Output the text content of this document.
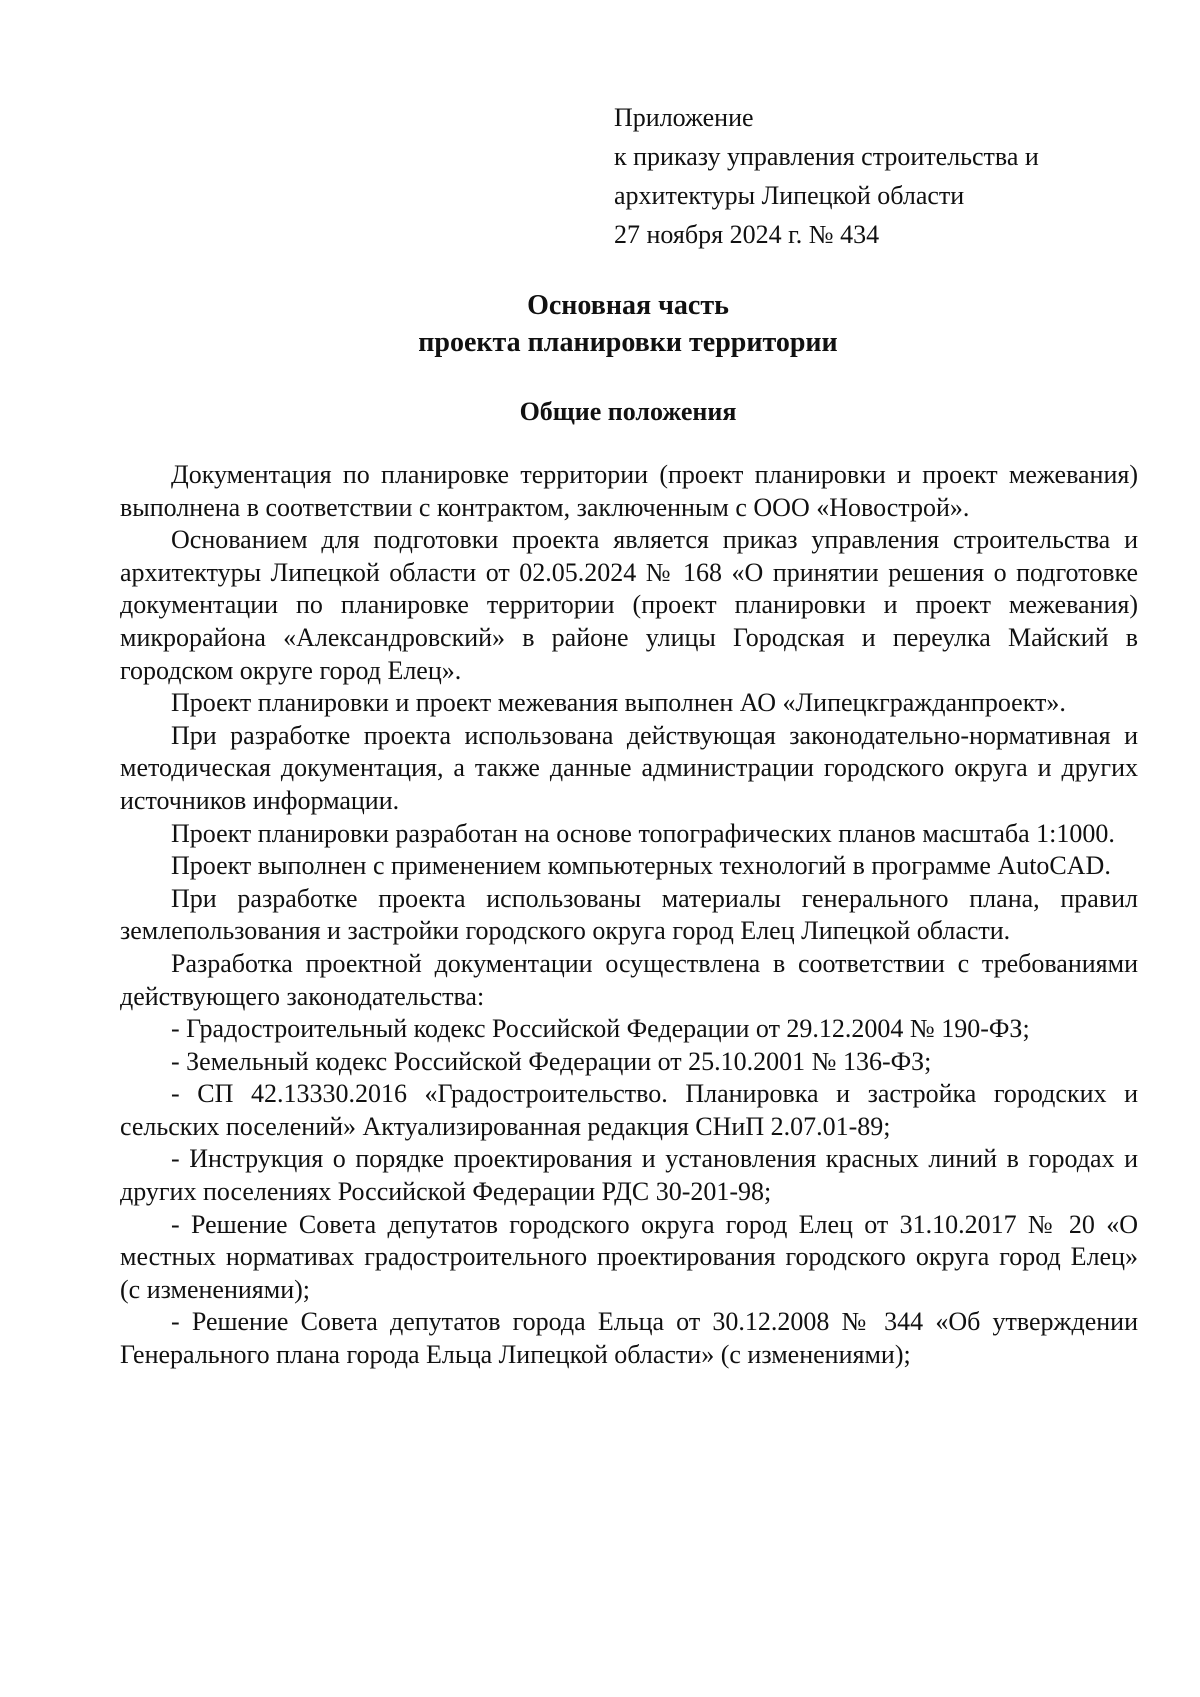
Приложение
к приказу управления строительства и
архитектуры Липецкой области
27 ноября 2024 г. № 434
Основная часть
проекта планировки территории
Общие положения

Документация по планировке территории (проект планировки и проект межевания) выполнена в соответствии с контрактом, заключенным с ООО «Новострой».

Основанием для подготовки проекта является приказ управления строительства и архитектуры Липецкой области от 02.05.2024 № 168 «О принятии решения о подготовке документации по планировке территории (проект планировки и проект межевания) микрорайона «Александровский» в районе улицы Городская и переулка Майский в городском округе город Елец».

Проект планировки и проект межевания выполнен АО «Липецкгражданпроект».

При разработке проекта использована действующая законодательно-нормативная и методическая документация, а также данные администрации городского округа и других источников информации.

Проект планировки разработан на основе топографических планов масштаба 1:1000.

Проект выполнен с применением компьютерных технологий в программе AutoCAD.

При разработке проекта использованы материалы генерального плана, правил землепользования и застройки городского округа город Елец Липецкой области.

Разработка проектной документации осуществлена в соответствии с требованиями действующего законодательства:

- Градостроительный кодекс Российской Федерации от 29.12.2004 № 190-ФЗ;

- Земельный кодекс Российской Федерации от 25.10.2001 № 136-ФЗ;

- СП 42.13330.2016 «Градостроительство. Планировка и застройка городских и сельских поселений» Актуализированная редакция СНиП 2.07.01-89;

- Инструкция о порядке проектирования и установления красных линий в городах и других поселениях Российской Федерации РДС 30-201-98;

- Решение Совета депутатов городского округа город Елец от 31.10.2017 № 20 «О местных нормативах градостроительного проектирования городского округа город Елец» (с изменениями);

- Решение Совета депутатов города Ельца от 30.12.2008 № 344 «Об утверждении Генерального плана города Ельца Липецкой области» (с изменениями);
